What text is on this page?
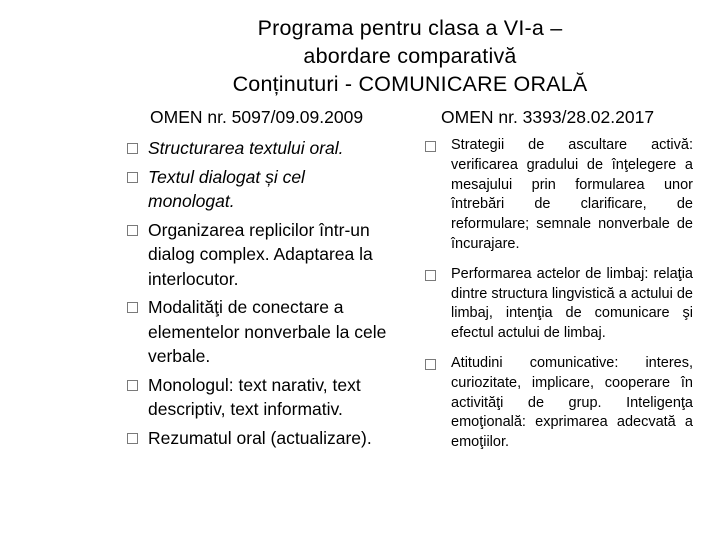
Programa pentru clasa a VI-a –
abordare comparativă
Conținuturi - COMUNICARE ORALĂ
OMEN nr. 5097/09.09.2009	OMEN nr. 3393/28.02.2017
Structurarea textului oral.
Textul dialogat și cel monologat.
Organizarea replicilor într-un dialog complex. Adaptarea la interlocutor.
Modalităţi de conectare a elementelor nonverbale la cele verbale.
Monologul: text narativ, text descriptiv, text informativ.
Rezumatul oral (actualizare).
Strategii de ascultare activă: verificarea gradului de înţelegere a mesajului prin formularea unor întrebări de clarificare, de reformulare; semnale nonverbale de încurajare.
Performarea actelor de limbaj: relaţia dintre structura lingvistică a actului de limbaj, intenţia de comunicare şi efectul actului de limbaj.
Atitudini comunicative: interes, curiozitate, implicare, cooperare în activităţi de grup. Inteligenţa emoţională: exprimarea adecvată a emoţiilor.
